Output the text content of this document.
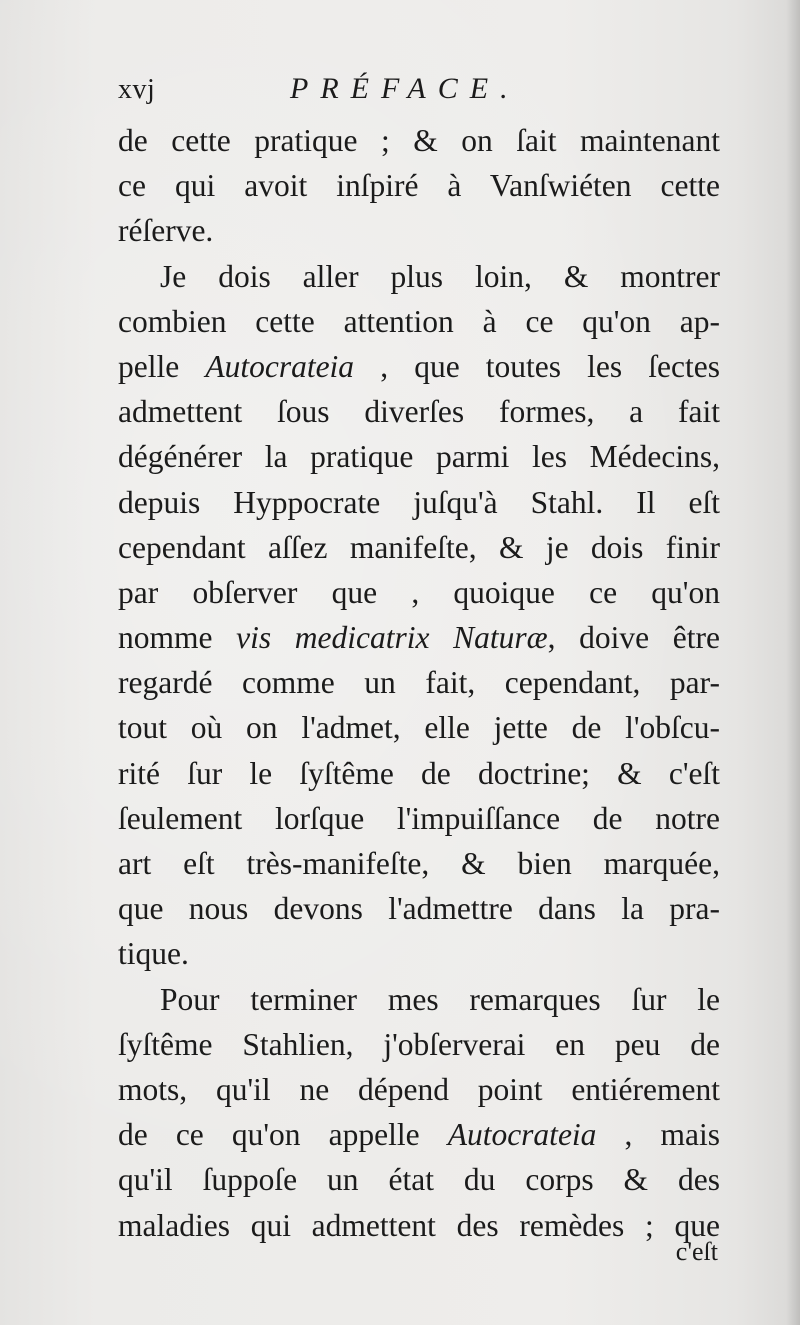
xvj	PRÉFACE.
de cette pratique ; & on ſait maintenant
ce qui avoit inſpiré à Vanſwiéten cette
réſerve.
Je dois aller plus loin, & montrer
combien cette attention à ce qu'on ap-
pelle Autocrateia , que toutes les ſectes
admettent ſous diverſes formes, a fait
dégénérer la pratique parmi les Médecins,
depuis Hyppocrate juſqu'à Stahl. Il eſt
cependant aſſez manifeſte, & je dois finir
par obſerver que , quoique ce qu'on
nomme vis medicatrix Naturæ, doive être
regardé comme un fait, cependant, par-
tout où on l'admet, elle jette de l'obſcu-
rité ſur le ſyſtême de doctrine; & c'eſt
ſeulement lorſque l'impuiſſance de notre
art eſt très-manifeſte, & bien marquée,
que nous devons l'admettre dans la pra-
tique.
Pour terminer mes remarques ſur le
ſyſtême Stahlien, j'obſerverai en peu de
mots, qu'il ne dépend point entiérement
de ce qu'on appelle Autocrateia , mais
qu'il ſuppoſe un état du corps & des
maladies qui admettent des remèdes ; que
c'eſt
